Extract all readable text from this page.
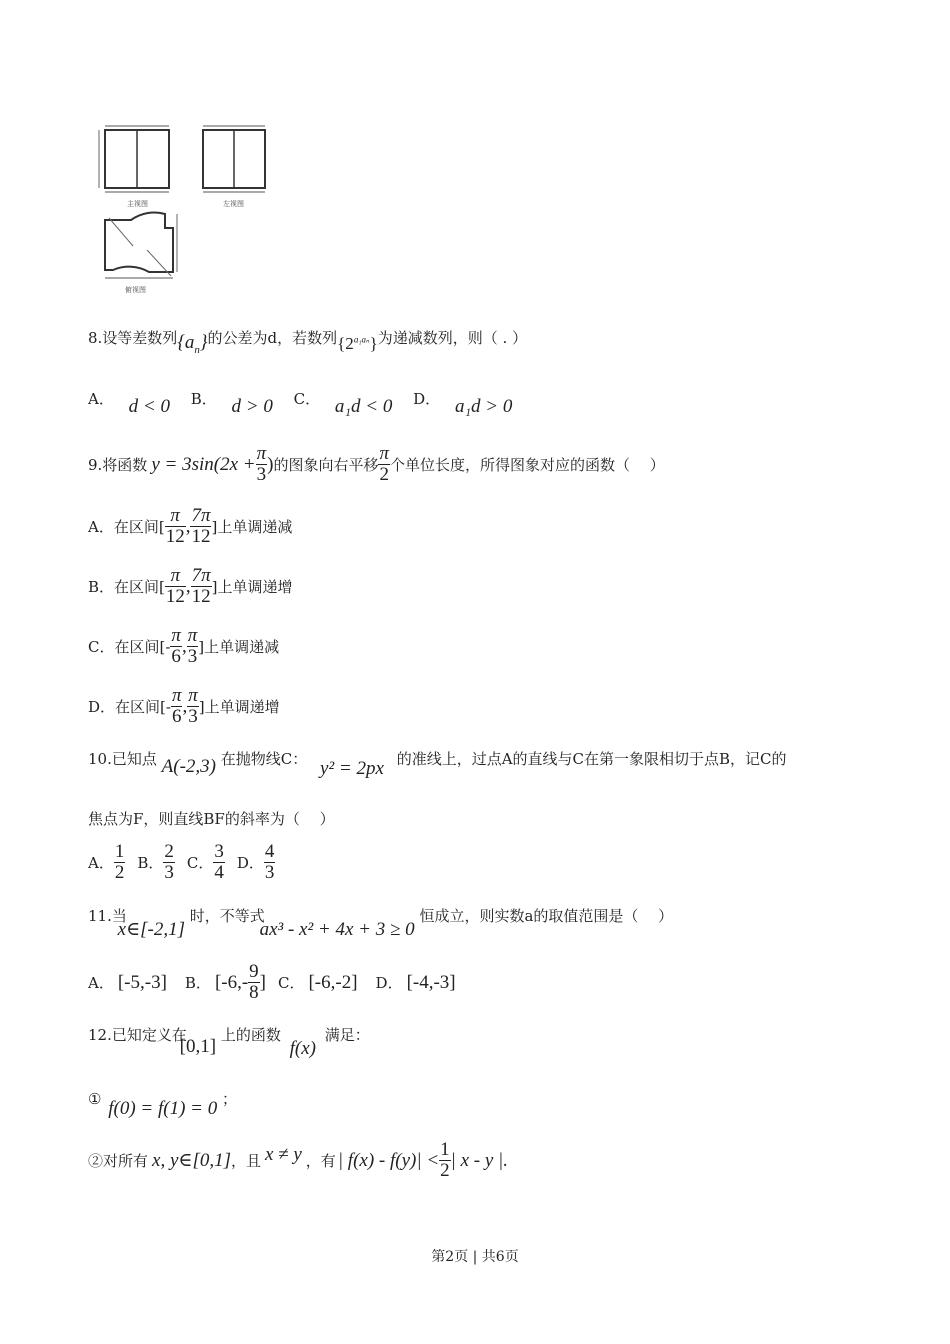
主视图	左视图
俯视图
8.设等差数列 $\{a_n\}$ 的公差为d，若数列 $\{2^{a_1a_n}\}$ 为递减数列，则（ . ）
A． d < 0 B． d > 0 C． a₁d < 0 D． a₁d > 0
9.将函数 $y = 3\sin(2x + \frac{\pi}{3}$ ) 的图象向右平移 $\frac{\pi}{2}$ 个单位长度，所得图象对应的函数（　 ）
A．在区间[ $\frac{\pi}{12}$ , $\frac{7\pi}{12}$ ]上单调递减
B．在区间[ $\frac{\pi}{12}$ , $\frac{7\pi}{12}$ ]上单调递增
C．在区间[- $\frac{\pi}{6}$ , $\frac{\pi}{3}$ ]上单调递减
D．在区间[- $\frac{\pi}{6}$ , $\frac{\pi}{3}$ ]上单调递增
10.已知点 A(-2,3) 在抛物线C： y² = 2px 的准线上，过点A的直线与C在第一象限相切于点B，记C的
焦点为F，则直线BF的斜率为（　 ）
A． $\frac{1}{2}$ B． $\frac{2}{3}$ C． $\frac{3}{4}$ D． $\frac{4}{3}$
11.当 x∈[-2,1] 时，不等式 ax³ - x² + 4x + 3 ≥ 0 恒成立，则实数a的取值范围是（　 ）
A． [-5,-3] B． [$-6,- \frac{9}{8}$ ] C． [-6,-2] D． [-4,-3]
12.已知定义在 [0,1] 上的函数 f(x) 满足：
① f(0) = f(1) = 0 ；
②对所有 x, y∈[0,1] ，且 x ≠ y ，有 | $f(x) - f(y)| < \frac{1}{2}$ | x - y |.
第2页 | 共6页
